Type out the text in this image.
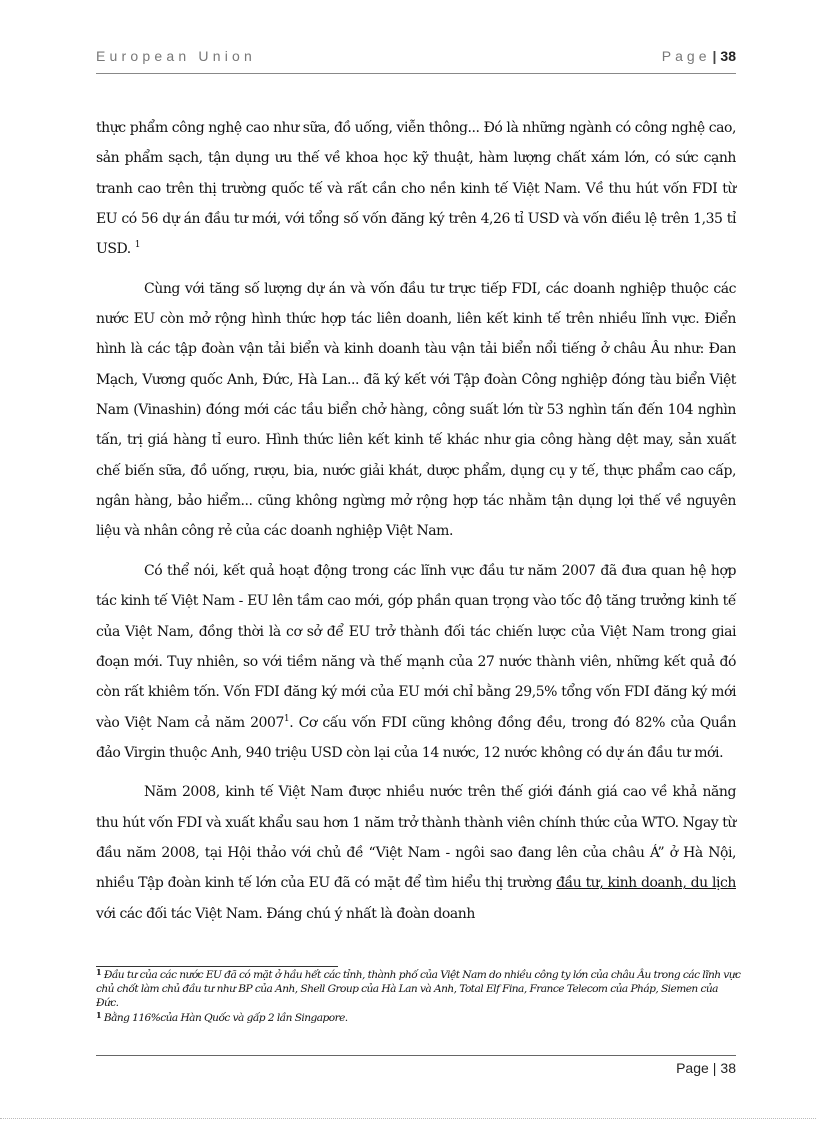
European Union	Page | 38

thực phẩm công nghệ cao như sữa, đồ uống, viễn thông... Đó là những ngành có công nghệ cao, sản phẩm sạch, tận dụng ưu thế về khoa học kỹ thuật, hàm lượng chất xám lớn, có sức cạnh tranh cao trên thị trường quốc tế và rất cần cho nền kinh tế Việt Nam. Về thu hút vốn FDI từ EU có 56 dự án đầu tư mới, với tổng số vốn đăng ký trên 4,26 tỉ USD và vốn điều lệ trên 1,35 tỉ USD. $^1$

Cùng với tăng số lượng dự án và vốn đầu tư trực tiếp FDI, các doanh nghiệp thuộc các nước EU còn mở rộng hình thức hợp tác liên doanh, liên kết kinh tế trên nhiều lĩnh vực. Điển hình là các tập đoàn vận tải biển và kinh doanh tàu vận tải biển nổi tiếng ở châu Âu như: Đan Mạch, Vương quốc Anh, Đức, Hà Lan... đã ký kết với Tập đoàn Công nghiệp đóng tàu biển Việt Nam (Vinashin) đóng mới các tầu biển chở hàng, công suất lớn từ 53 nghìn tấn đến 104 nghìn tấn, trị giá hàng tỉ euro. Hình thức liên kết kinh tế khác như gia công hàng dệt may, sản xuất chế biến sữa, đồ uống, rượu, bia, nước giải khát, dược phẩm, dụng cụ y tế, thực phẩm cao cấp, ngân hàng, bảo hiểm... cũng không ngừng mở rộng hợp tác nhằm tận dụng lợi thế về nguyên liệu và nhân công rẻ của các doanh nghiệp Việt Nam.

Có thể nói, kết quả hoạt động trong các lĩnh vực đầu tư năm 2007 đã đưa quan hệ hợp tác kinh tế Việt Nam - EU lên tầm cao mới, góp phần quan trọng vào tốc độ tăng trưởng kinh tế của Việt Nam, đồng thời là cơ sở để EU trở thành đối tác chiến lược của Việt Nam trong giai đoạn mới. Tuy nhiên, so với tiềm năng và thế mạnh của 27 nước thành viên, những kết quả đó còn rất khiêm tốn. Vốn FDI đăng ký mới của EU mới chỉ bằng 29,5% tổng vốn FDI đăng ký mới vào Việt Nam cả năm 2007$^1$. Cơ cấu vốn FDI cũng không đồng đều, trong đó 82% của Quần đảo Virgin thuộc Anh, 940 triệu USD còn lại của 14 nước, 12 nước không có dự án đầu tư mới.

Năm 2008, kinh tế Việt Nam được nhiều nước trên thế giới đánh giá cao về khả năng thu hút vốn FDI và xuất khẩu sau hơn 1 năm trở thành thành viên chính thức của WTO. Ngay từ đầu năm 2008, tại Hội thảo với chủ đề “Việt Nam - ngôi sao đang lên của châu Á” ở Hà Nội, nhiều Tập đoàn kinh tế lớn của EU đã có mặt để tìm hiểu thị trường đầu tư, kinh doanh, du lịch với các đối tác Việt Nam. Đáng chú ý nhất là đoàn doanh

$^1$ Đầu tư của các nước EU đã có mặt ở hầu hết các tỉnh, thành phố của Việt Nam do nhiều công ty lớn của châu Âu trong các lĩnh vực chủ chốt làm chủ đầu tư như BP của Anh, Shell Group của Hà Lan và Anh, Total Elf Fina, France Telecom của Pháp, Siemen của Đức.

$^1$ Bằng 116%của Hàn Quốc và gấp 2 lần Singapore.

Page | 38
